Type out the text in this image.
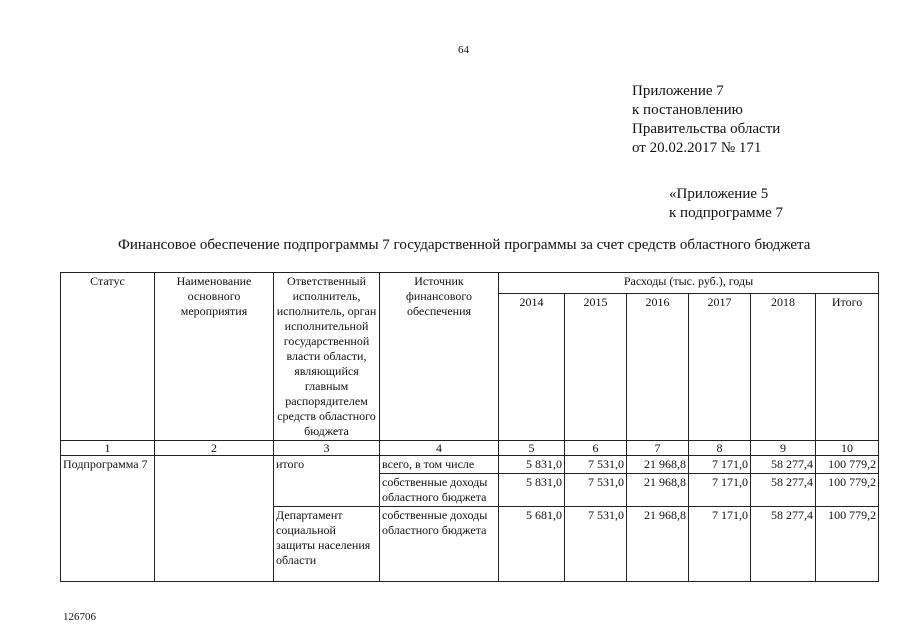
64
Приложение 7
к постановлению
Правительства области
от 20.02.2017 № 171
«Приложение 5
к подпрограмме 7
Финансовое обеспечение подпрограммы 7 государственной программы за счет средств областного бюджета
Статус	Наименование основного мероприятия	Ответственный исполнитель, исполнитель, орган исполнительной государственной власти области, являющийся главным распорядителем средств областного бюджета	Источник финансового обеспечения	Расходы (тыс. руб.), годы					
				2014	2015	2016	2017	2018	Итого
1	2	3	4	5	6	7	8	9	10
Подпрограмма 7		итого	всего, в том числе	5 831,0	7 531,0	21 968,8	7 171,0	58 277,4	100 779,2
			собственные доходы областного бюджета	5 831,0	7 531,0	21 968,8	7 171,0	58 277,4	100 779,2
		Департамент социальной защиты населения области	собственные доходы областного бюджета	5 681,0	7 531,0	21 968,8	7 171,0	58 277,4	100 779,2
126706
